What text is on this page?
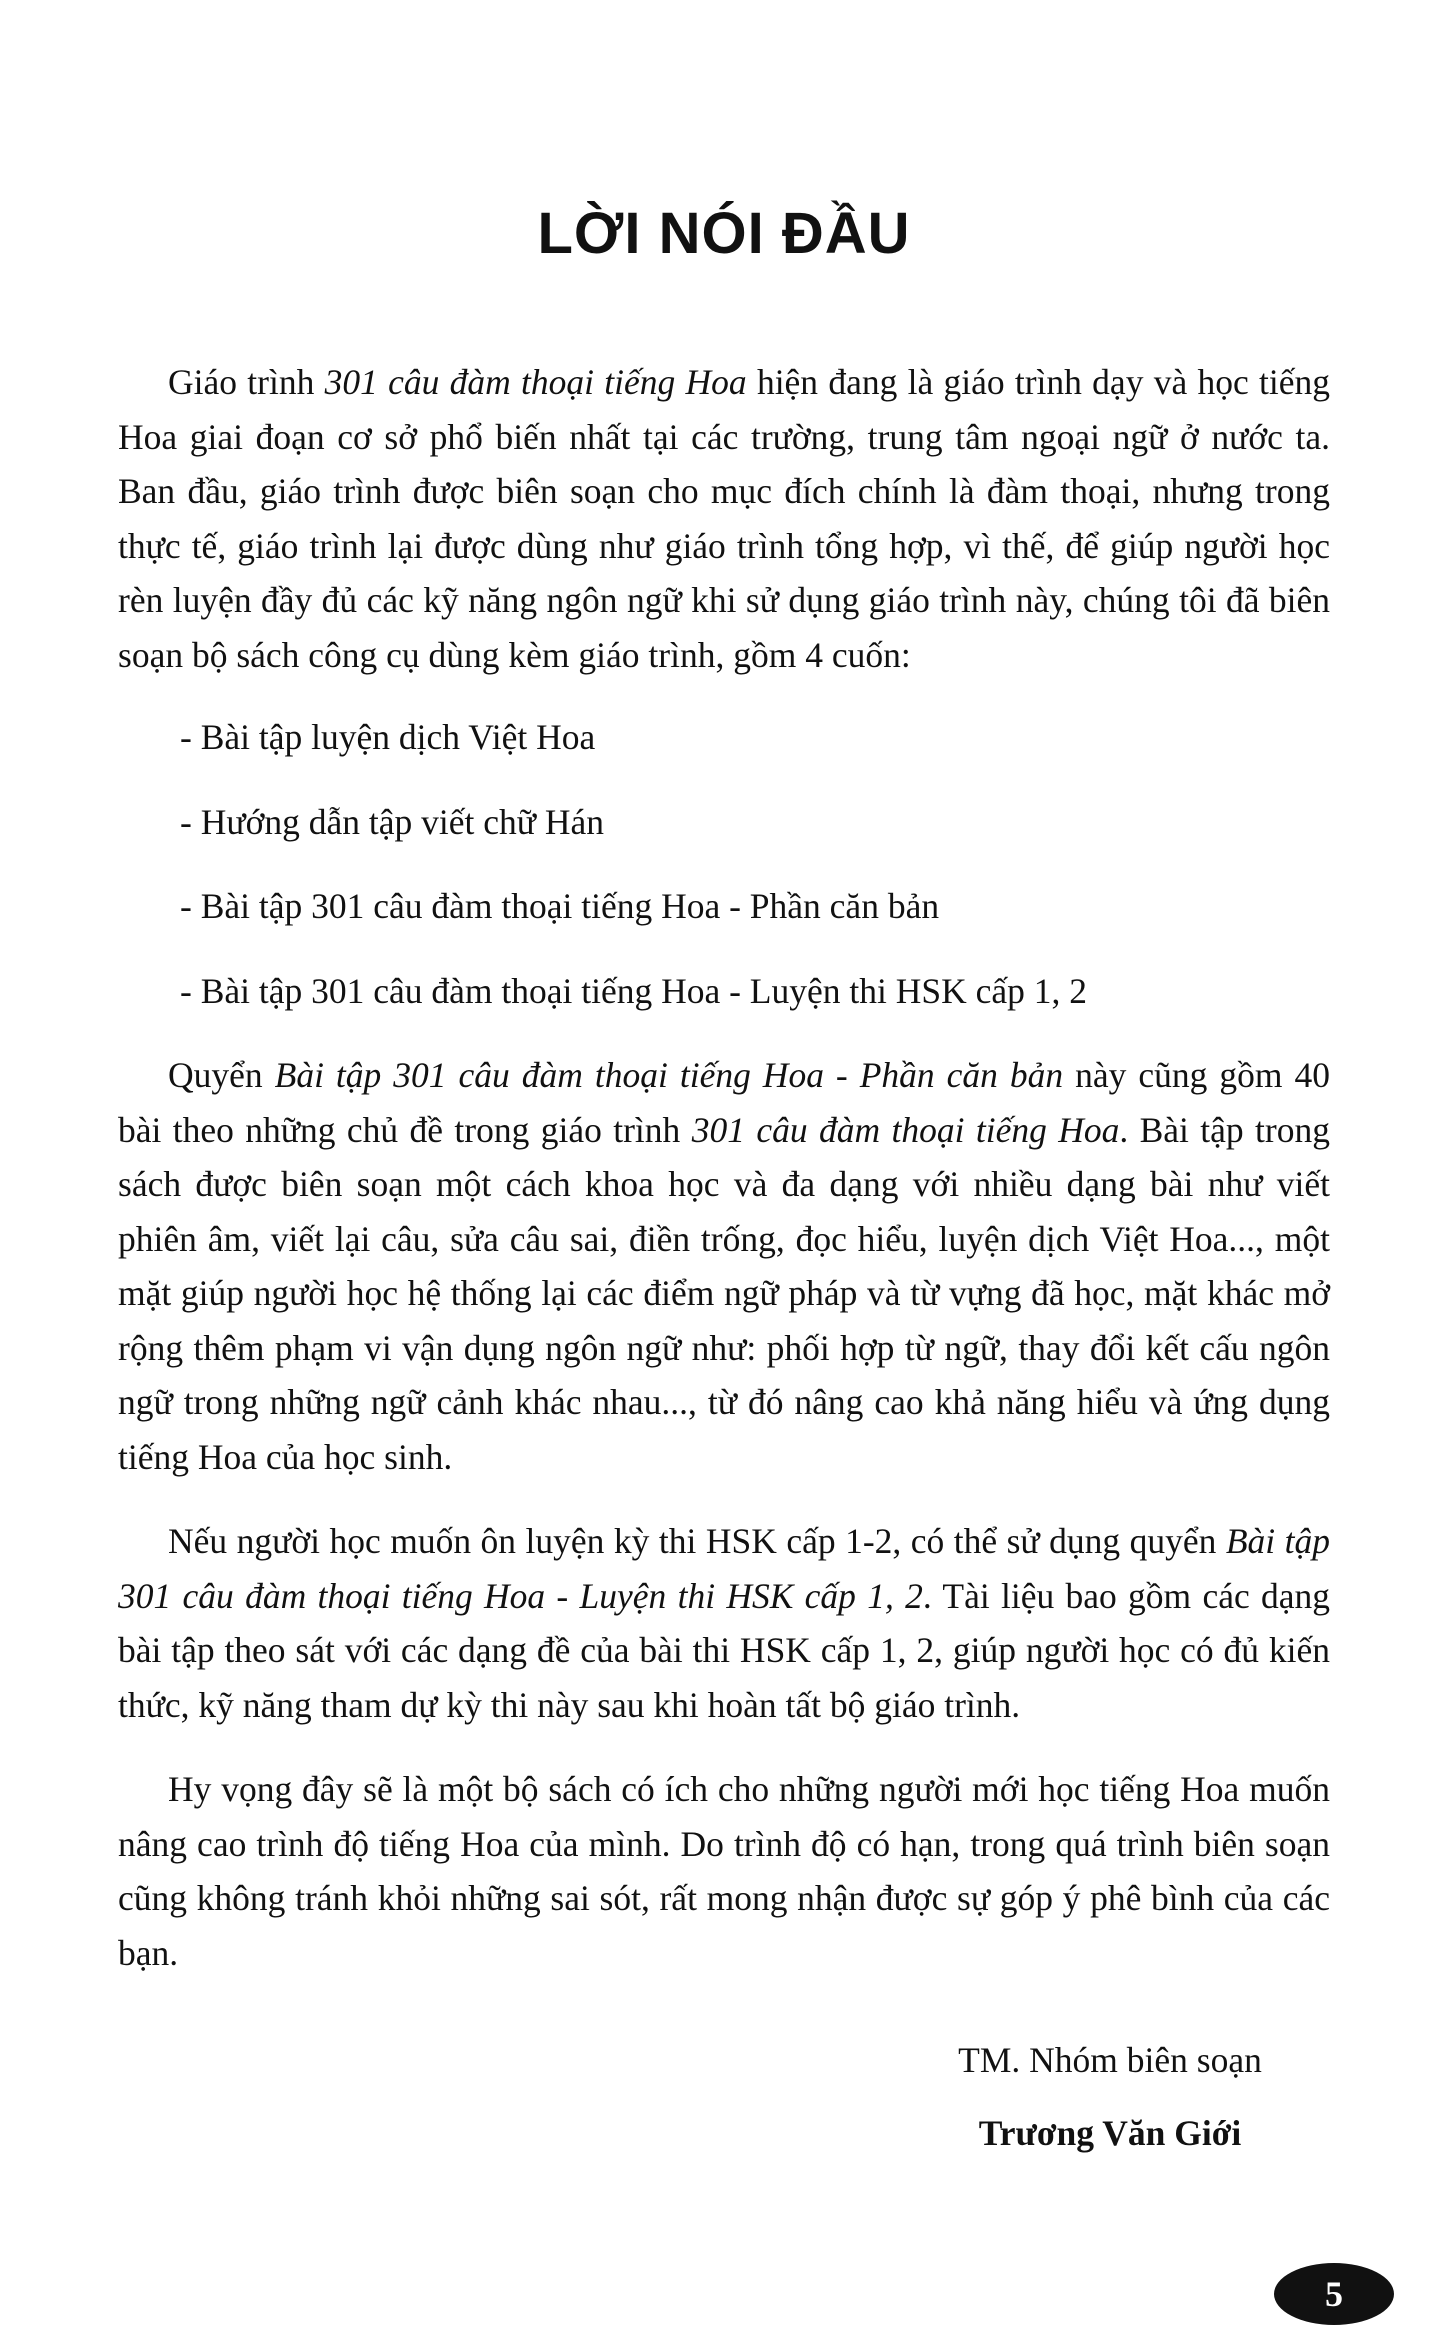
LỜI NÓI ĐẦU

Giáo trình 301 câu đàm thoại tiếng Hoa hiện đang là giáo trình dạy và học tiếng Hoa giai đoạn cơ sở phổ biến nhất tại các trường, trung tâm ngoại ngữ ở nước ta. Ban đầu, giáo trình được biên soạn cho mục đích chính là đàm thoại, nhưng trong thực tế, giáo trình lại được dùng như giáo trình tổng hợp, vì thế, để giúp người học rèn luyện đầy đủ các kỹ năng ngôn ngữ khi sử dụng giáo trình này, chúng tôi đã biên soạn bộ sách công cụ dùng kèm giáo trình, gồm 4 cuốn:

- Bài tập luyện dịch Việt Hoa
- Hướng dẫn tập viết chữ Hán
- Bài tập 301 câu đàm thoại tiếng Hoa - Phần căn bản
- Bài tập 301 câu đàm thoại tiếng Hoa - Luyện thi HSK cấp 1, 2

Quyển Bài tập 301 câu đàm thoại tiếng Hoa - Phần căn bản này cũng gồm 40 bài theo những chủ đề trong giáo trình 301 câu đàm thoại tiếng Hoa. Bài tập trong sách được biên soạn một cách khoa học và đa dạng với nhiều dạng bài như viết phiên âm, viết lại câu, sửa câu sai, điền trống, đọc hiểu, luyện dịch Việt Hoa..., một mặt giúp người học hệ thống lại các điểm ngữ pháp và từ vựng đã học, mặt khác mở rộng thêm phạm vi vận dụng ngôn ngữ như: phối hợp từ ngữ, thay đổi kết cấu ngôn ngữ trong những ngữ cảnh khác nhau..., từ đó nâng cao khả năng hiểu và ứng dụng tiếng Hoa của học sinh.

Nếu người học muốn ôn luyện kỳ thi HSK cấp 1-2, có thể sử dụng quyển Bài tập 301 câu đàm thoại tiếng Hoa - Luyện thi HSK cấp 1, 2. Tài liệu bao gồm các dạng bài tập theo sát với các dạng đề của bài thi HSK cấp 1, 2, giúp người học có đủ kiến thức, kỹ năng tham dự kỳ thi này sau khi hoàn tất bộ giáo trình.

Hy vọng đây sẽ là một bộ sách có ích cho những người mới học tiếng Hoa muốn nâng cao trình độ tiếng Hoa của mình. Do trình độ có hạn, trong quá trình biên soạn cũng không tránh khỏi những sai sót, rất mong nhận được sự góp ý phê bình của các bạn.

TM. Nhóm biên soạn
Trương Văn Giới
5
